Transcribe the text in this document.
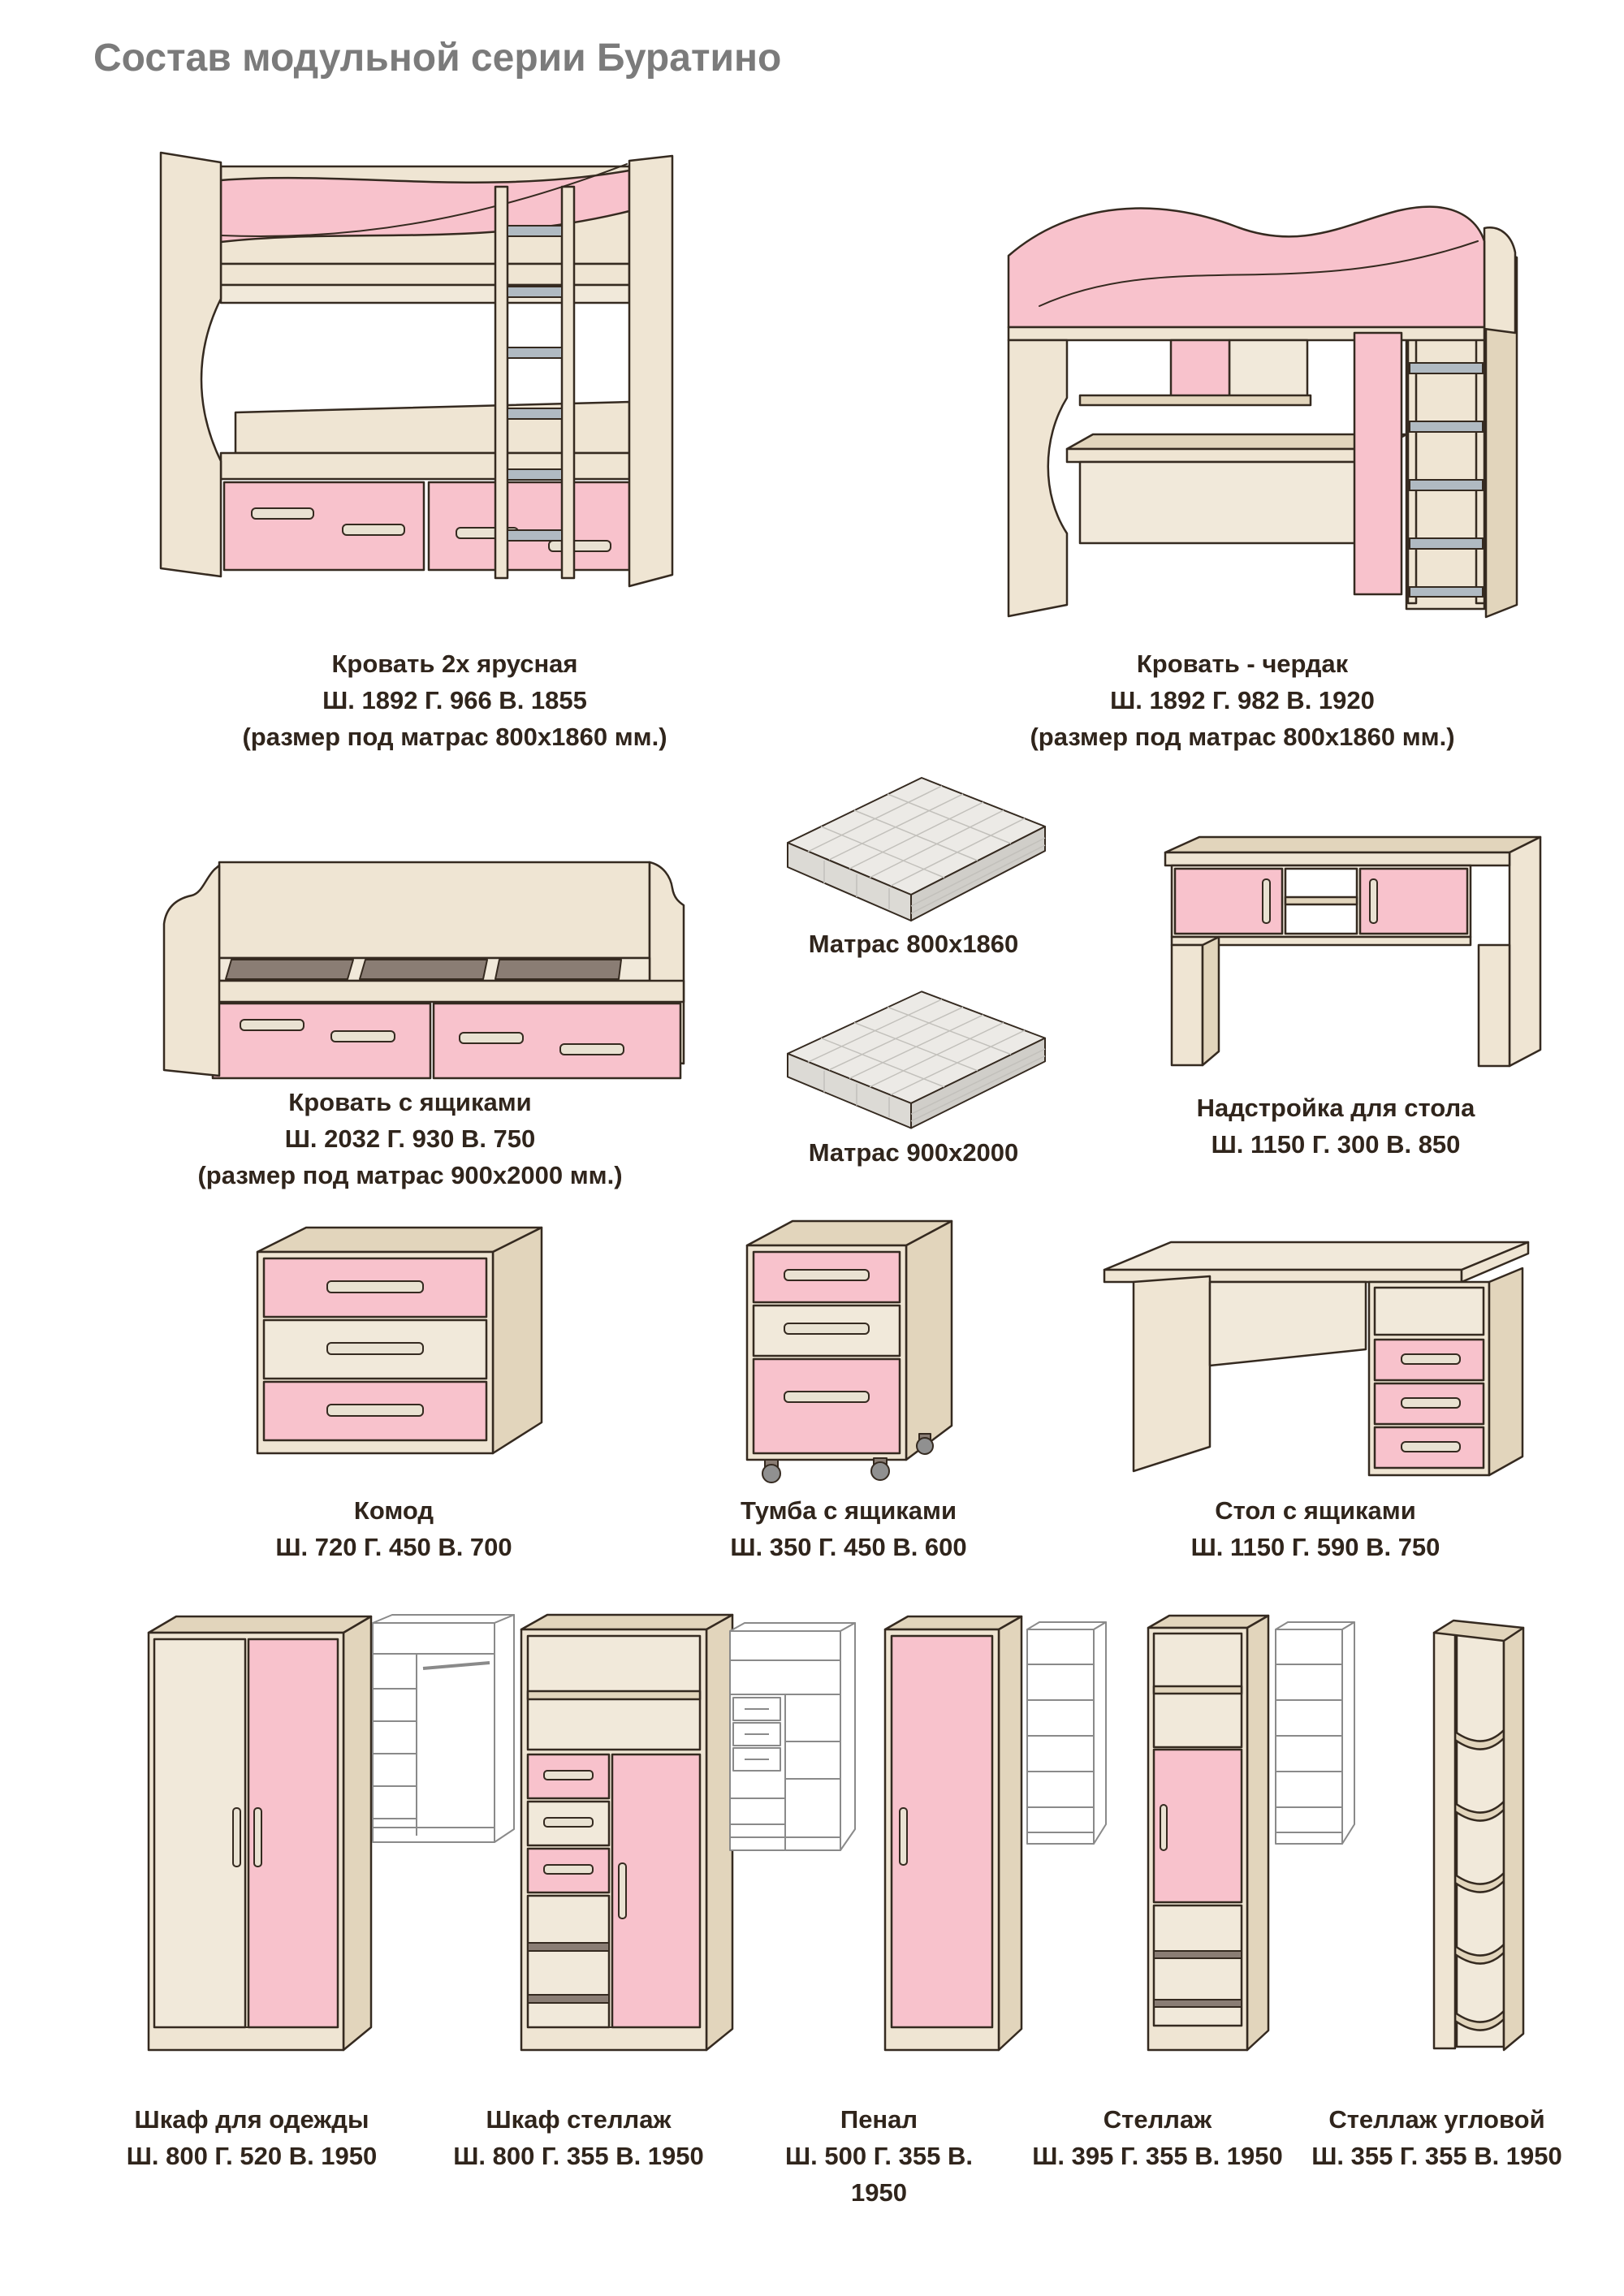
Состав модульной серии Буратино
Кровать 2х ярусная
Ш. 1892 Г. 966 В. 1855
(размер под матрас 800х1860 мм.)
Кровать - чердак
Ш. 1892 Г. 982 В. 1920
(размер под матрас 800х1860 мм.)
Кровать с ящиками
Ш. 2032 Г. 930 В. 750
(размер под матрас 900х2000 мм.)
Матрас 800х1860
Матрас 900х2000
Надстройка для стола
Ш. 1150 Г. 300 В. 850
Комод
Ш. 720 Г. 450 В. 700
Тумба с ящиками
Ш. 350 Г. 450 В. 600
Стол с ящиками
Ш. 1150 Г. 590 В. 750
Шкаф для одежды
Ш. 800 Г. 520 В. 1950
Шкаф стеллаж
Ш. 800 Г. 355 В. 1950
Пенал
Ш. 500 Г. 355 В. 1950
Стеллаж
Ш. 395 Г. 355 В. 1950
Стеллаж угловой
Ш. 355 Г. 355 В. 1950
